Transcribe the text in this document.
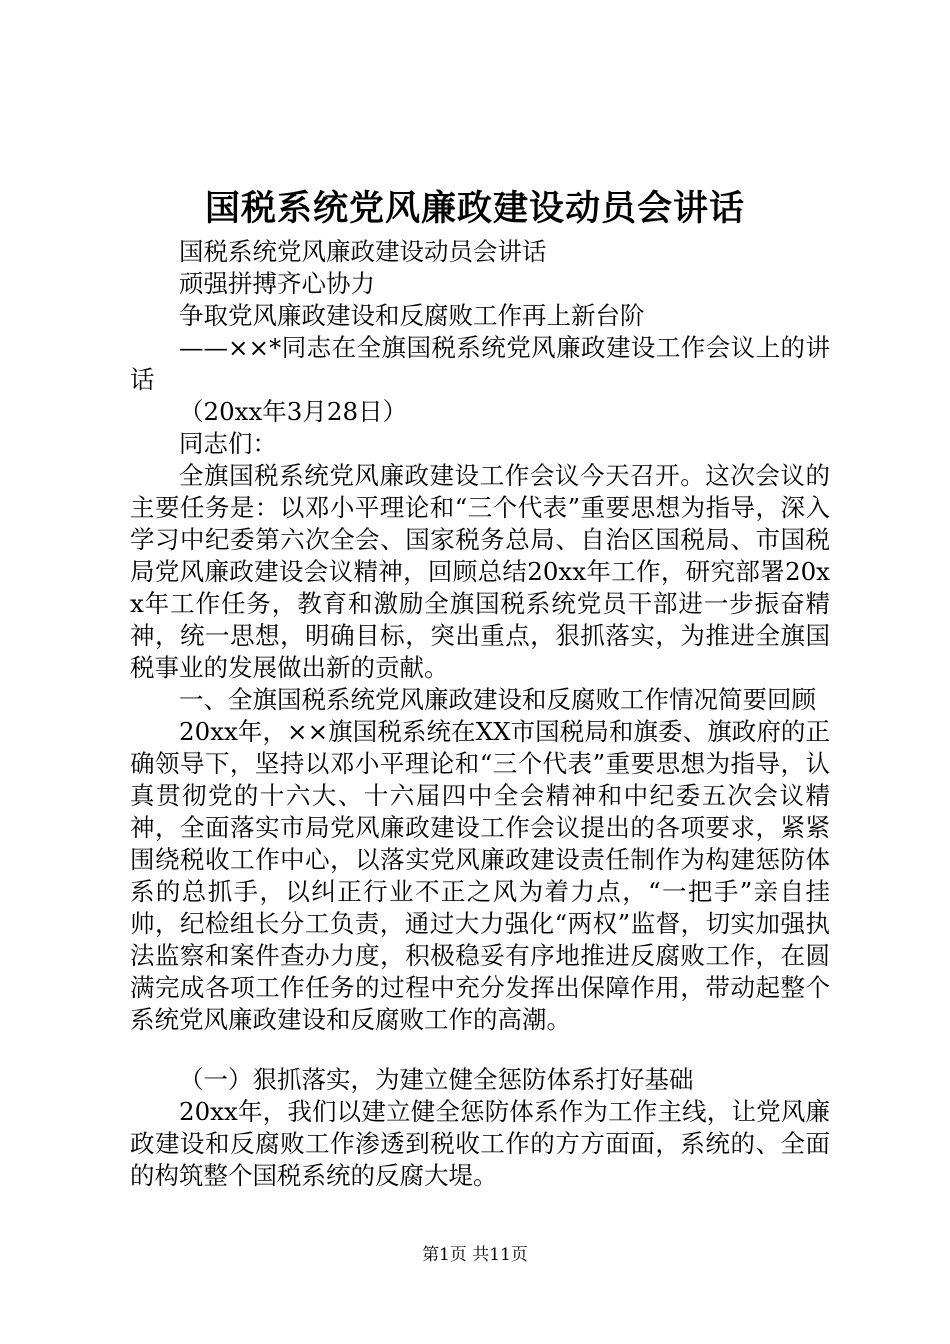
国税系统党风廉政建设动员会讲话

国税系统党风廉政建设动员会讲话

顽强拼搏齐心协力

争取党风廉政建设和反腐败工作再上新台阶

——××*同志在全旗国税系统党风廉政建设工作会议上的讲话

（20xx年3月28日）

同志们：

全旗国税系统党风廉政建设工作会议今天召开。这次会议的主要任务是：以邓小平理论和“三个代表”重要思想为指导，深入学习中纪委第六次全会、国家税务总局、自治区国税局、市国税局党风廉政建设会议精神，回顾总结20xx年工作，研究部署20xx年工作任务，教育和激励全旗国税系统党员干部进一步振奋精神，统一思想，明确目标，突出重点，狠抓落实，为推进全旗国税事业的发展做出新的贡献。

一、全旗国税系统党风廉政建设和反腐败工作情况简要回顾

20xx年，××旗国税系统在XX市国税局和旗委、旗政府的正确领导下，坚持以邓小平理论和“三个代表”重要思想为指导，认真贯彻党的十六大、十六届四中全会精神和中纪委五次会议精神，全面落实市局党风廉政建设工作会议提出的各项要求，紧紧围绕税收工作中心，以落实党风廉政建设责任制作为构建惩防体系的总抓手，以纠正行业不正之风为着力点，“一把手”亲自挂帅，纪检组长分工负责，通过大力强化“两权”监督，切实加强执法监察和案件查办力度，积极稳妥有序地推进反腐败工作，在圆满完成各项工作任务的过程中充分发挥出保障作用，带动起整个系统党风廉政建设和反腐败工作的高潮。

（一）狠抓落实，为建立健全惩防体系打好基础

20xx年，我们以建立健全惩防体系作为工作主线，让党风廉政建设和反腐败工作渗透到税收工作的方方面面，系统的、全面的构筑整个国税系统的反腐大堤。

第1页 共11页
